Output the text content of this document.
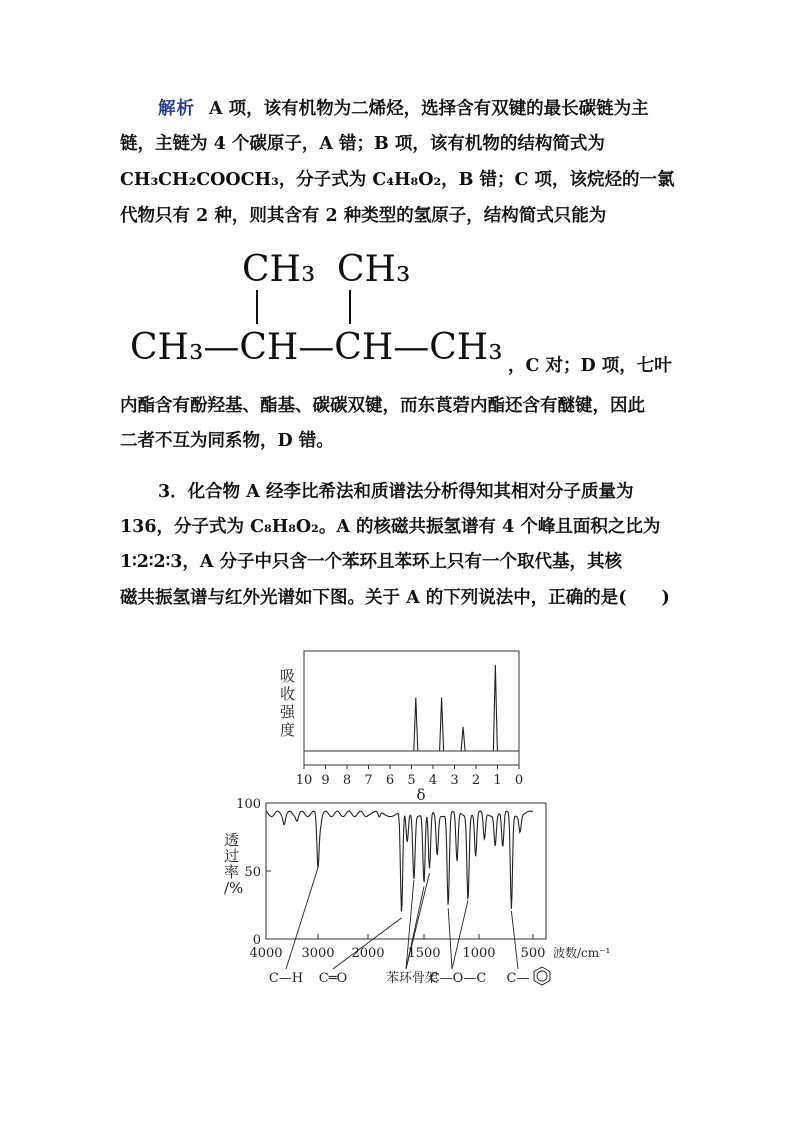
解析 A 项，该有机物为二烯烃，选择含有双键的最长碳链为主
链，主链为 4 个碳原子，A 错；B 项，该有机物的结构简式为
CH₃CH₂COOCH₃，分子式为 C₄H₈O₂，B 错；C 项，该烷烃的一氯
代物只有 2 种，则其含有 2 种类型的氢原子，结构简式只能为
CH₃ CH₃
CH₃—CH—CH—CH₃ ，C 对；D 项，七叶
内酯含有酚羟基、酯基、碳碳双键，而东莨菪内酯还含有醚键，因此
二者不互为同系物，D 错。
3．化合物 A 经李比希法和质谱法分析得知其相对分子质量为
136，分子式为 C₈H₈O₂。A 的核磁共振氢谱有 4 个峰且面积之比为
1∶2∶2∶3，A 分子中只含一个苯环且苯环上只有一个取代基，其核
磁共振氢谱与红外光谱如下图。关于 A 的下列说法中，正确的是(　　)
吸收强度
10 9 8 7 6 5 4 3 2 1 0
δ
透过率/%
100
50
0
4000 3000 2000 1500 1000 500 波数/cm⁻¹
C—H C═O	苯环骨架
C—O—C C—
